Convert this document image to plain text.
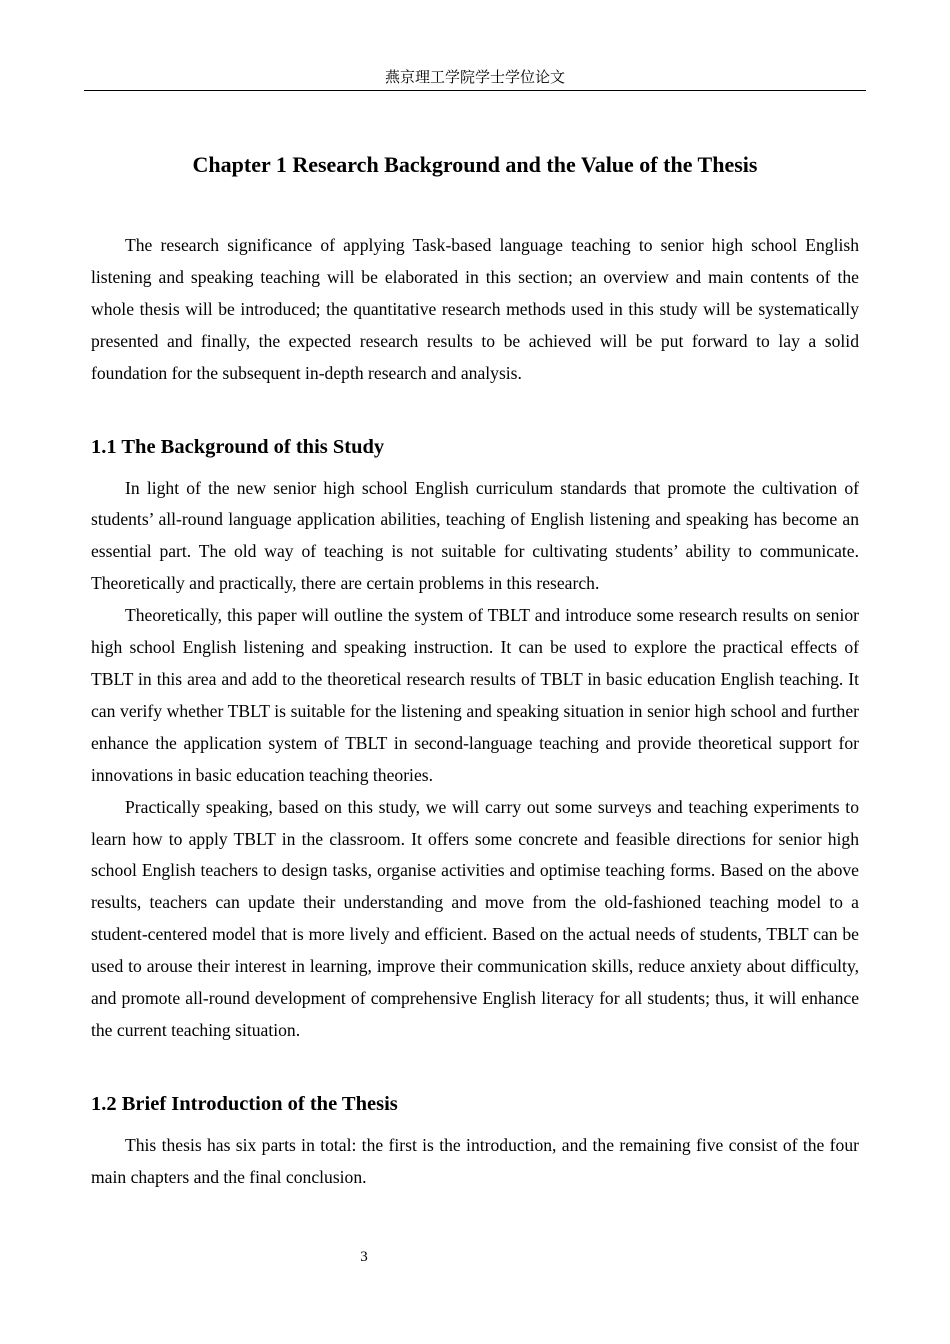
燕京理工学院学士学位论文
Chapter 1 Research Background and the Value of the Thesis

The research significance of applying Task-based language teaching to senior high school English listening and speaking teaching will be elaborated in this section; an overview and main contents of the whole thesis will be introduced; the quantitative research methods used in this study will be systematically presented and finally, the expected research results to be achieved will be put forward to lay a solid foundation for the subsequent in-depth research and analysis.

1.1 The Background of this Study

In light of the new senior high school English curriculum standards that promote the cultivation of students’ all-round language application abilities, teaching of English listening and speaking has become an essential part. The old way of teaching is not suitable for cultivating students’ ability to communicate. Theoretically and practically, there are certain problems in this research.

Theoretically, this paper will outline the system of TBLT and introduce some research results on senior high school English listening and speaking instruction. It can be used to explore the practical effects of TBLT in this area and add to the theoretical research results of TBLT in basic education English teaching. It can verify whether TBLT is suitable for the listening and speaking situation in senior high school and further enhance the application system of TBLT in second-language teaching and provide theoretical support for innovations in basic education teaching theories.

Practically speaking, based on this study, we will carry out some surveys and teaching experiments to learn how to apply TBLT in the classroom. It offers some concrete and feasible directions for senior high school English teachers to design tasks, organise activities and optimise teaching forms. Based on the above results, teachers can update their understanding and move from the old-fashioned teaching model to a student-centered model that is more lively and efficient. Based on the actual needs of students, TBLT can be used to arouse their interest in learning, improve their communication skills, reduce anxiety about difficulty, and promote all-round development of comprehensive English literacy for all students; thus, it will enhance the current teaching situation.

1.2 Brief Introduction of the Thesis

This thesis has six parts in total: the first is the introduction, and the remaining five consist of the four main chapters and the final conclusion.

3
